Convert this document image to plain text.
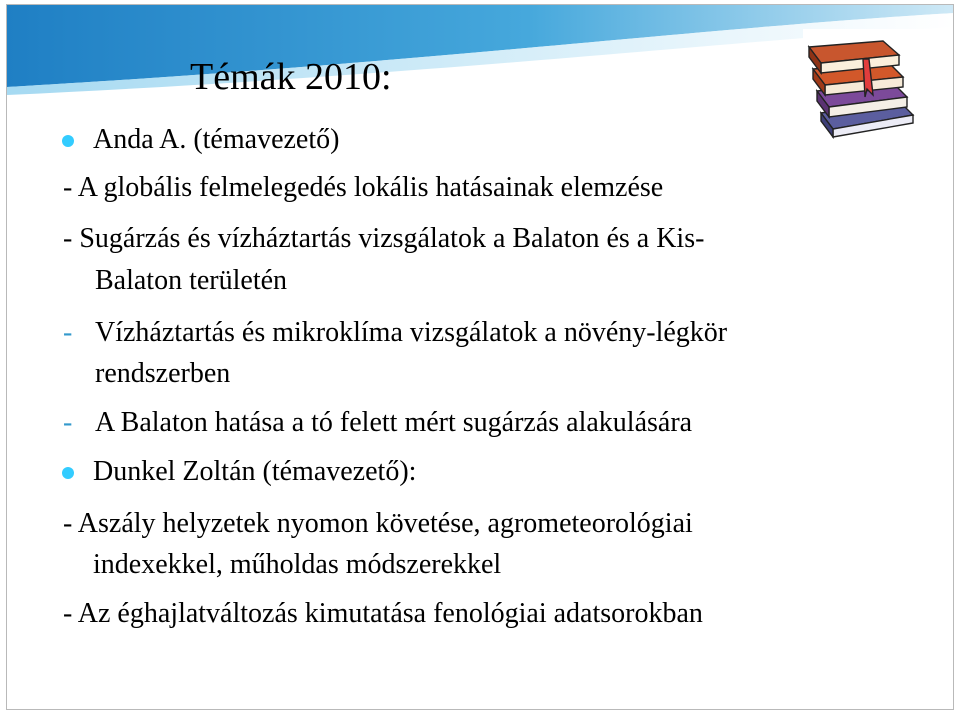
Témák 2010:
Anda A. (témavezető)
- A globális felmelegedés lokális hatásainak elemzése
- Sugárzás és vízháztartás vizsgálatok a Balaton és a Kis-
Balaton területén
- Vízháztartás és mikroklíma vizsgálatok a növény-légkör
rendszerben
- A Balaton hatása a tó felett mért sugárzás alakulására
Dunkel Zoltán (témavezető):
- Aszály helyzetek nyomon követése, agrometeorológiai
indexekkel, műholdas módszerekkel
- Az éghajlatváltozás kimutatása fenológiai adatsorokban
